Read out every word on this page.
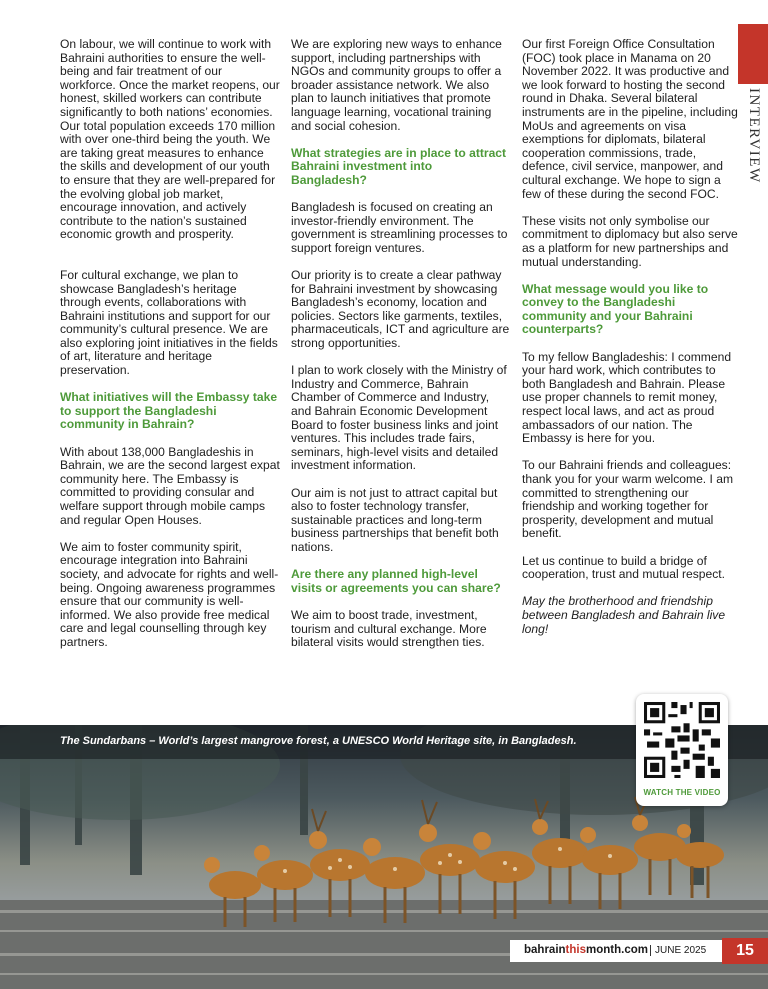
INTERVIEW

On labour, we will continue to work with Bahraini authorities to ensure the well-being and fair treatment of our workforce. Once the market reopens, our honest, skilled workers can contribute significantly to both nations’ economies. Our total population exceeds 170 million with over one-third being the youth. We are taking great measures to enhance the skills and development of our youth to ensure that they are well-prepared for the evolving global job market, encourage innovation, and actively contribute to the nation’s sustained economic growth and prosperity.

For cultural exchange, we plan to showcase Bangladesh’s heritage through events, collaborations with Bahraini institutions and support for our community’s cultural presence. We are also exploring joint initiatives in the fields of art, literature and heritage preservation.

What initiatives will the Embassy take to support the Bangladeshi community in Bahrain?

With about 138,000 Bangladeshis in Bahrain, we are the second largest expat community here. The Embassy is committed to providing consular and welfare support through mobile camps and regular Open Houses.

We aim to foster community spirit, encourage integration into Bahraini society, and advocate for rights and well-being. Ongoing awareness programmes ensure that our community is well-informed. We also provide free medical care and legal counselling through key partners.

We are exploring new ways to enhance support, including partnerships with NGOs and community groups to offer a broader assistance network. We also plan to launch initiatives that promote language learning, vocational training and social cohesion.

What strategies are in place to attract Bahraini investment into Bangladesh?

Bangladesh is focused on creating an investor-friendly environment. The government is streamlining processes to support foreign ventures.

Our priority is to create a clear pathway for Bahraini investment by showcasing Bangladesh’s economy, location and policies. Sectors like garments, textiles, pharmaceuticals, ICT and agriculture are strong opportunities.

I plan to work closely with the Ministry of Industry and Commerce, Bahrain Chamber of Commerce and Industry, and Bahrain Economic Development Board to foster business links and joint ventures. This includes trade fairs, seminars, high-level visits and detailed investment information.

Our aim is not just to attract capital but also to foster technology transfer, sustainable practices and long-term business partnerships that benefit both nations.

Are there any planned high-level visits or agreements you can share?

We aim to boost trade, investment, tourism and cultural exchange. More bilateral visits would strengthen ties.

Our first Foreign Office Consultation (FOC) took place in Manama on 20 November 2022. It was productive and we look forward to hosting the second round in Dhaka. Several bilateral instruments are in the pipeline, including MoUs and agreements on visa exemptions for diplomats, bilateral cooperation commissions, trade, defence, civil service, manpower, and cultural exchange. We hope to sign a few of these during the second FOC.

These visits not only symbolise our commitment to diplomacy but also serve as a platform for new partnerships and mutual understanding.

What message would you like to convey to the Bangladeshi community and your Bahraini counterparts?

To my fellow Bangladeshis: I commend your hard work, which contributes to both Bangladesh and Bahrain. Please use proper channels to remit money, respect local laws, and act as proud ambassadors of our nation. The Embassy is here for you.

To our Bahraini friends and colleagues: thank you for your warm welcome. I am committed to strengthening our friendship and working together for prosperity, development and mutual benefit.

Let us continue to build a bridge of cooperation, trust and mutual respect.

May the brotherhood and friendship between Bangladesh and Bahrain live long!

The Sundarbans – World’s largest mangrove forest, a UNESCO World Heritage site, in Bangladesh.
WATCH THE VIDEO
bahrainthismonth.com JUNE 2025	15
